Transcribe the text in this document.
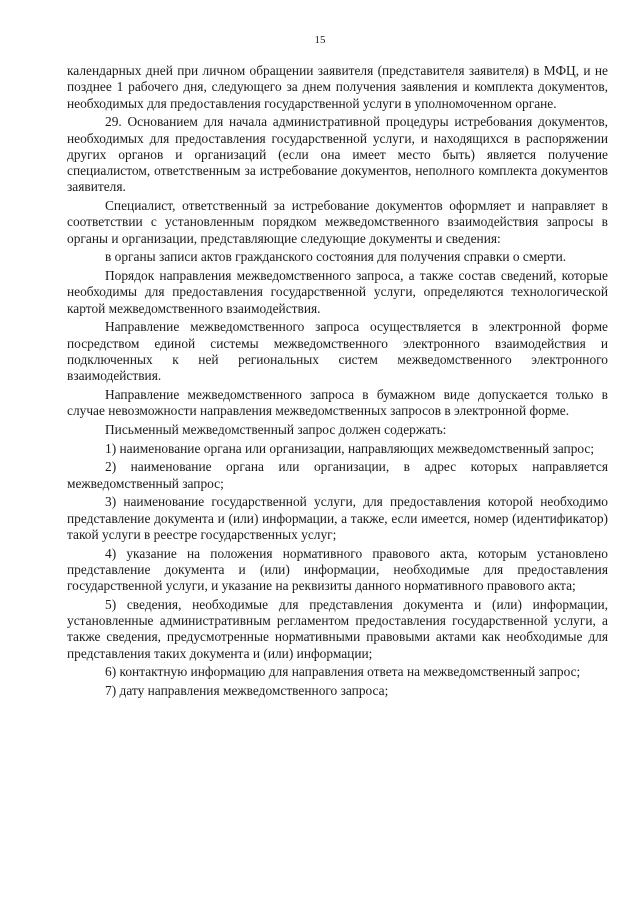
15

календарных дней при личном обращении заявителя (представителя заявителя) в МФЦ, и не позднее 1 рабочего дня, следующего за днем получения заявления и комплекта документов, необходимых для предоставления государственной услуги в уполномоченном органе.

29. Основанием для начала административной процедуры истребования документов, необходимых для предоставления государственной услуги, и находящихся в распоряжении других органов и организаций (если она имеет место быть) является получение специалистом, ответственным за истребование документов, неполного комплекта документов заявителя.

Специалист, ответственный за истребование документов оформляет и направляет в соответствии с установленным порядком межведомственного взаимодействия запросы в органы и организации, представляющие следующие документы и сведения:

в органы записи актов гражданского состояния для получения справки о смерти.

Порядок направления межведомственного запроса, а также состав сведений, которые необходимы для предоставления государственной услуги, определяются технологической картой межведомственного взаимодействия.

Направление межведомственного запроса осуществляется в электронной форме посредством единой системы межведомственного электронного взаимодействия и подключенных к ней региональных систем межведомственного электронного взаимодействия.

Направление межведомственного запроса в бумажном виде допускается только в случае невозможности направления межведомственных запросов в электронной форме.

Письменный межведомственный запрос должен содержать:

1) наименование органа или организации, направляющих межведомственный запрос;

2) наименование органа или организации, в адрес которых направляется межведомственный запрос;

3) наименование государственной услуги, для предоставления которой необходимо представление документа и (или) информации, а также, если имеется, номер (идентификатор) такой услуги в реестре государственных услуг;

4) указание на положения нормативного правового акта, которым установлено представление документа и (или) информации, необходимые для предоставления государственной услуги, и указание на реквизиты данного нормативного правового акта;

5) сведения, необходимые для представления документа и (или) информации, установленные административным регламентом предоставления государственной услуги, а также сведения, предусмотренные нормативными правовыми актами как необходимые для представления таких документа и (или) информации;

6) контактную информацию для направления ответа на межведомственный запрос;

7) дату направления межведомственного запроса;
